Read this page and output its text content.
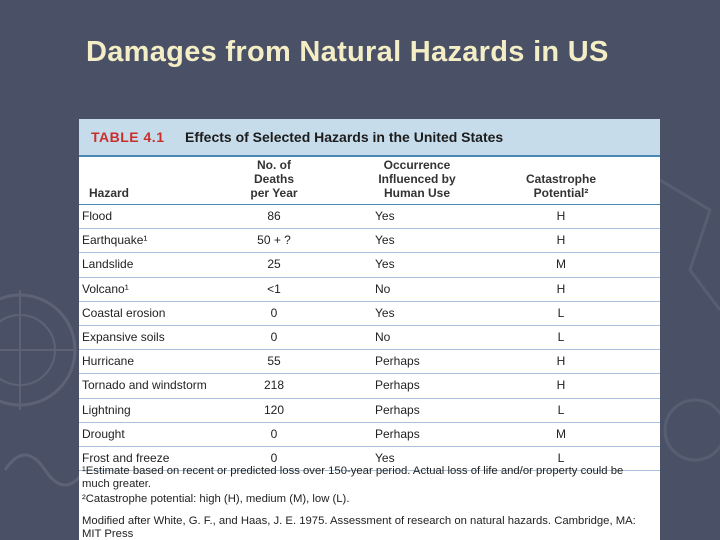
Damages from Natural Hazards in US
TABLE 4.1 Effects of Selected Hazards in the United States
Hazard
No. of
Deaths
per Year
Occurrence
Influenced by
Human Use
Catastrophe
Potential²
Flood	86	Yes	H
Earthquake¹	50 + ?	Yes	H
Landslide	25	Yes	M
Volcano¹	<1	No	H
Coastal erosion	0	Yes	L
Expansive soils	0	No	L
Hurricane	55	Perhaps	H
Tornado and windstorm	218	Perhaps	H
Lightning	120	Perhaps	L
Drought	0	Perhaps	M
Frost and freeze	0	Yes	L
¹Estimate based on recent or predicted loss over 150-year period. Actual loss of life and/or property could be much greater.
²Catastrophe potential: high (H), medium (M), low (L).
Modified after White, G. F., and Haas, J. E. 1975. Assessment of research on natural hazards. Cambridge, MA: MIT Press
